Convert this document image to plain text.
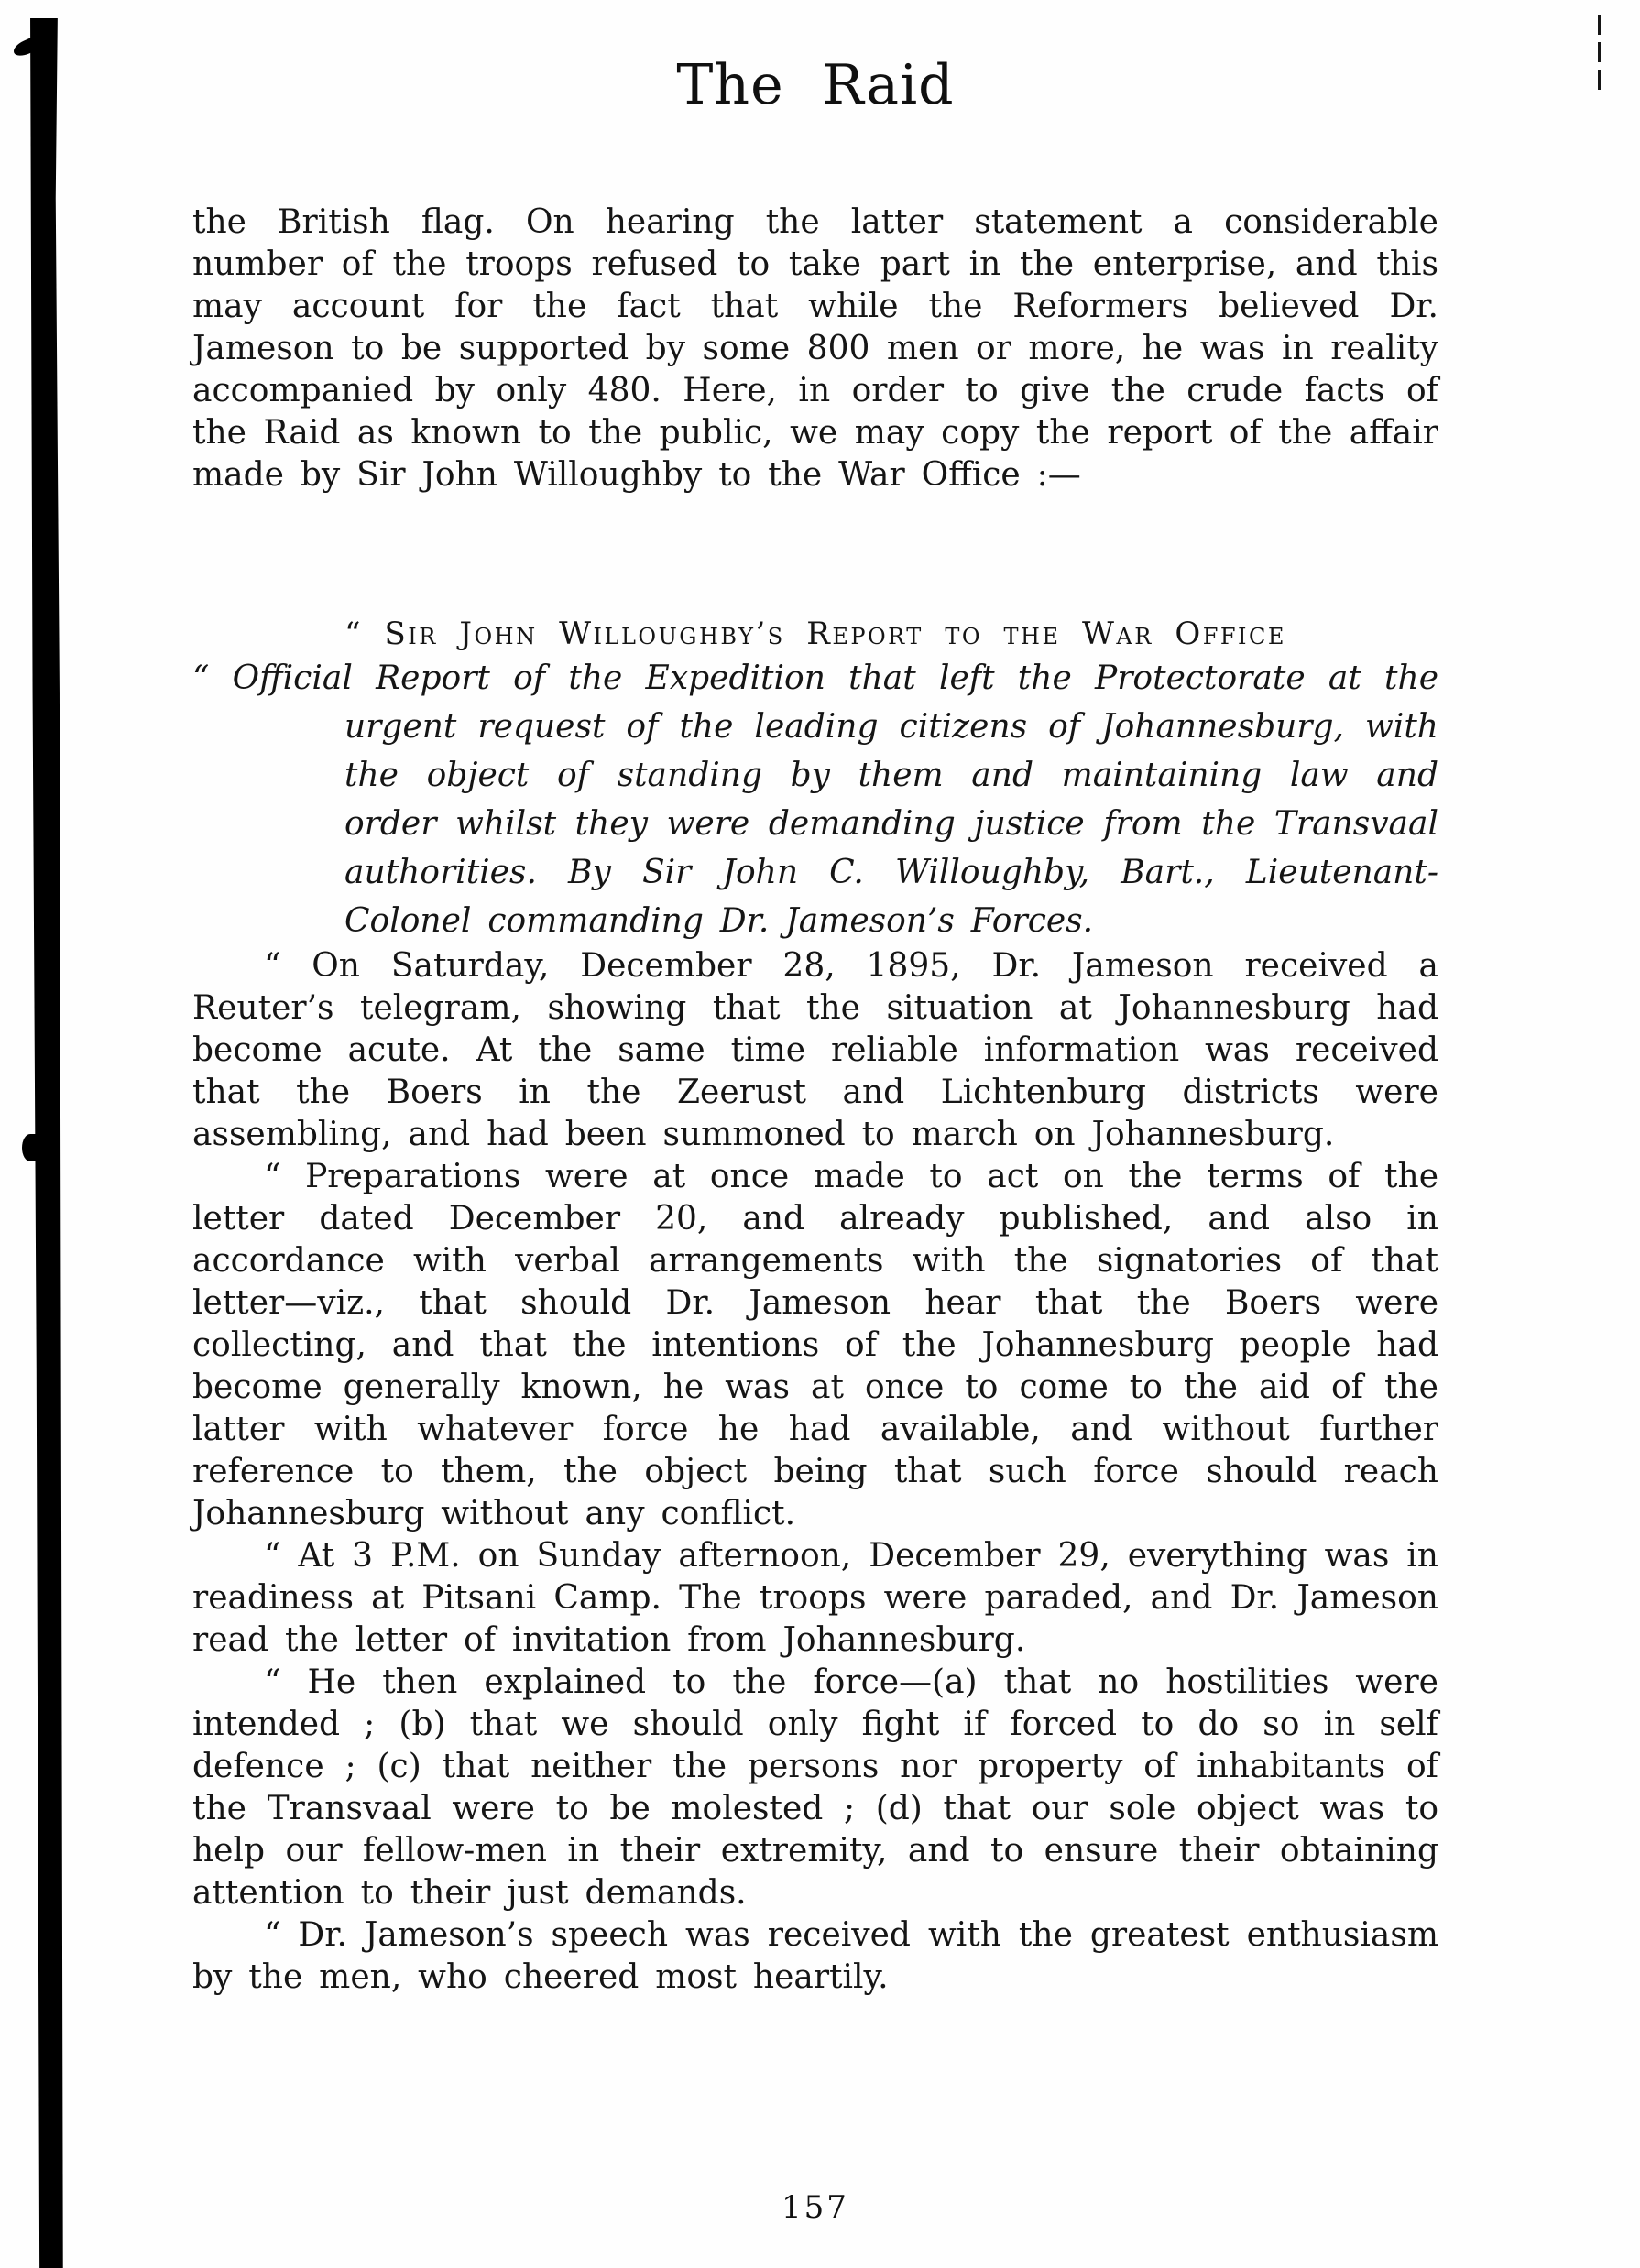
The Raid

the British flag. On hearing the latter statement a considerable number of the troops refused to take part in the enterprise, and this may account for the fact that while the Reformers believed Dr. Jameson to be supported by some 800 men or more, he was in reality accompanied by only 480. Here, in order to give the crude facts of the Raid as known to the public, we may copy the report of the affair made by Sir John Willoughby to the War Office :—

“ Sir John Willoughby’s Report to the War Office

“ Official Report of the Expedition that left the Protectorate at the urgent request of the leading citizens of Johannesburg, with the object of standing by them and maintaining law and order whilst they were demanding justice from the Transvaal authorities. By Sir John C. Willoughby, Bart., Lieutenant-Colonel commanding Dr. Jameson’s Forces.

“ On Saturday, December 28, 1895, Dr. Jameson received a Reuter’s telegram, showing that the situation at Johannesburg had become acute. At the same time reliable information was received that the Boers in the Zeerust and Lichtenburg districts were assembling, and had been summoned to march on Johannesburg.

“ Preparations were at once made to act on the terms of the letter dated December 20, and already published, and also in accordance with verbal arrangements with the signatories of that letter—viz., that should Dr. Jameson hear that the Boers were collecting, and that the intentions of the Johannesburg people had become generally known, he was at once to come to the aid of the latter with whatever force he had available, and without further reference to them, the object being that such force should reach Johannesburg without any conflict.

“ At 3 P.M. on Sunday afternoon, December 29, everything was in readiness at Pitsani Camp. The troops were paraded, and Dr. Jameson read the letter of invitation from Johannesburg.

“ He then explained to the force—(a) that no hostilities were intended ; (b) that we should only fight if forced to do so in self defence ; (c) that neither the persons nor property of inhabitants of the Transvaal were to be molested ; (d) that our sole object was to help our fellow-men in their extremity, and to ensure their obtaining attention to their just demands.

“ Dr. Jameson’s speech was received with the greatest enthusiasm by the men, who cheered most heartily.

157
